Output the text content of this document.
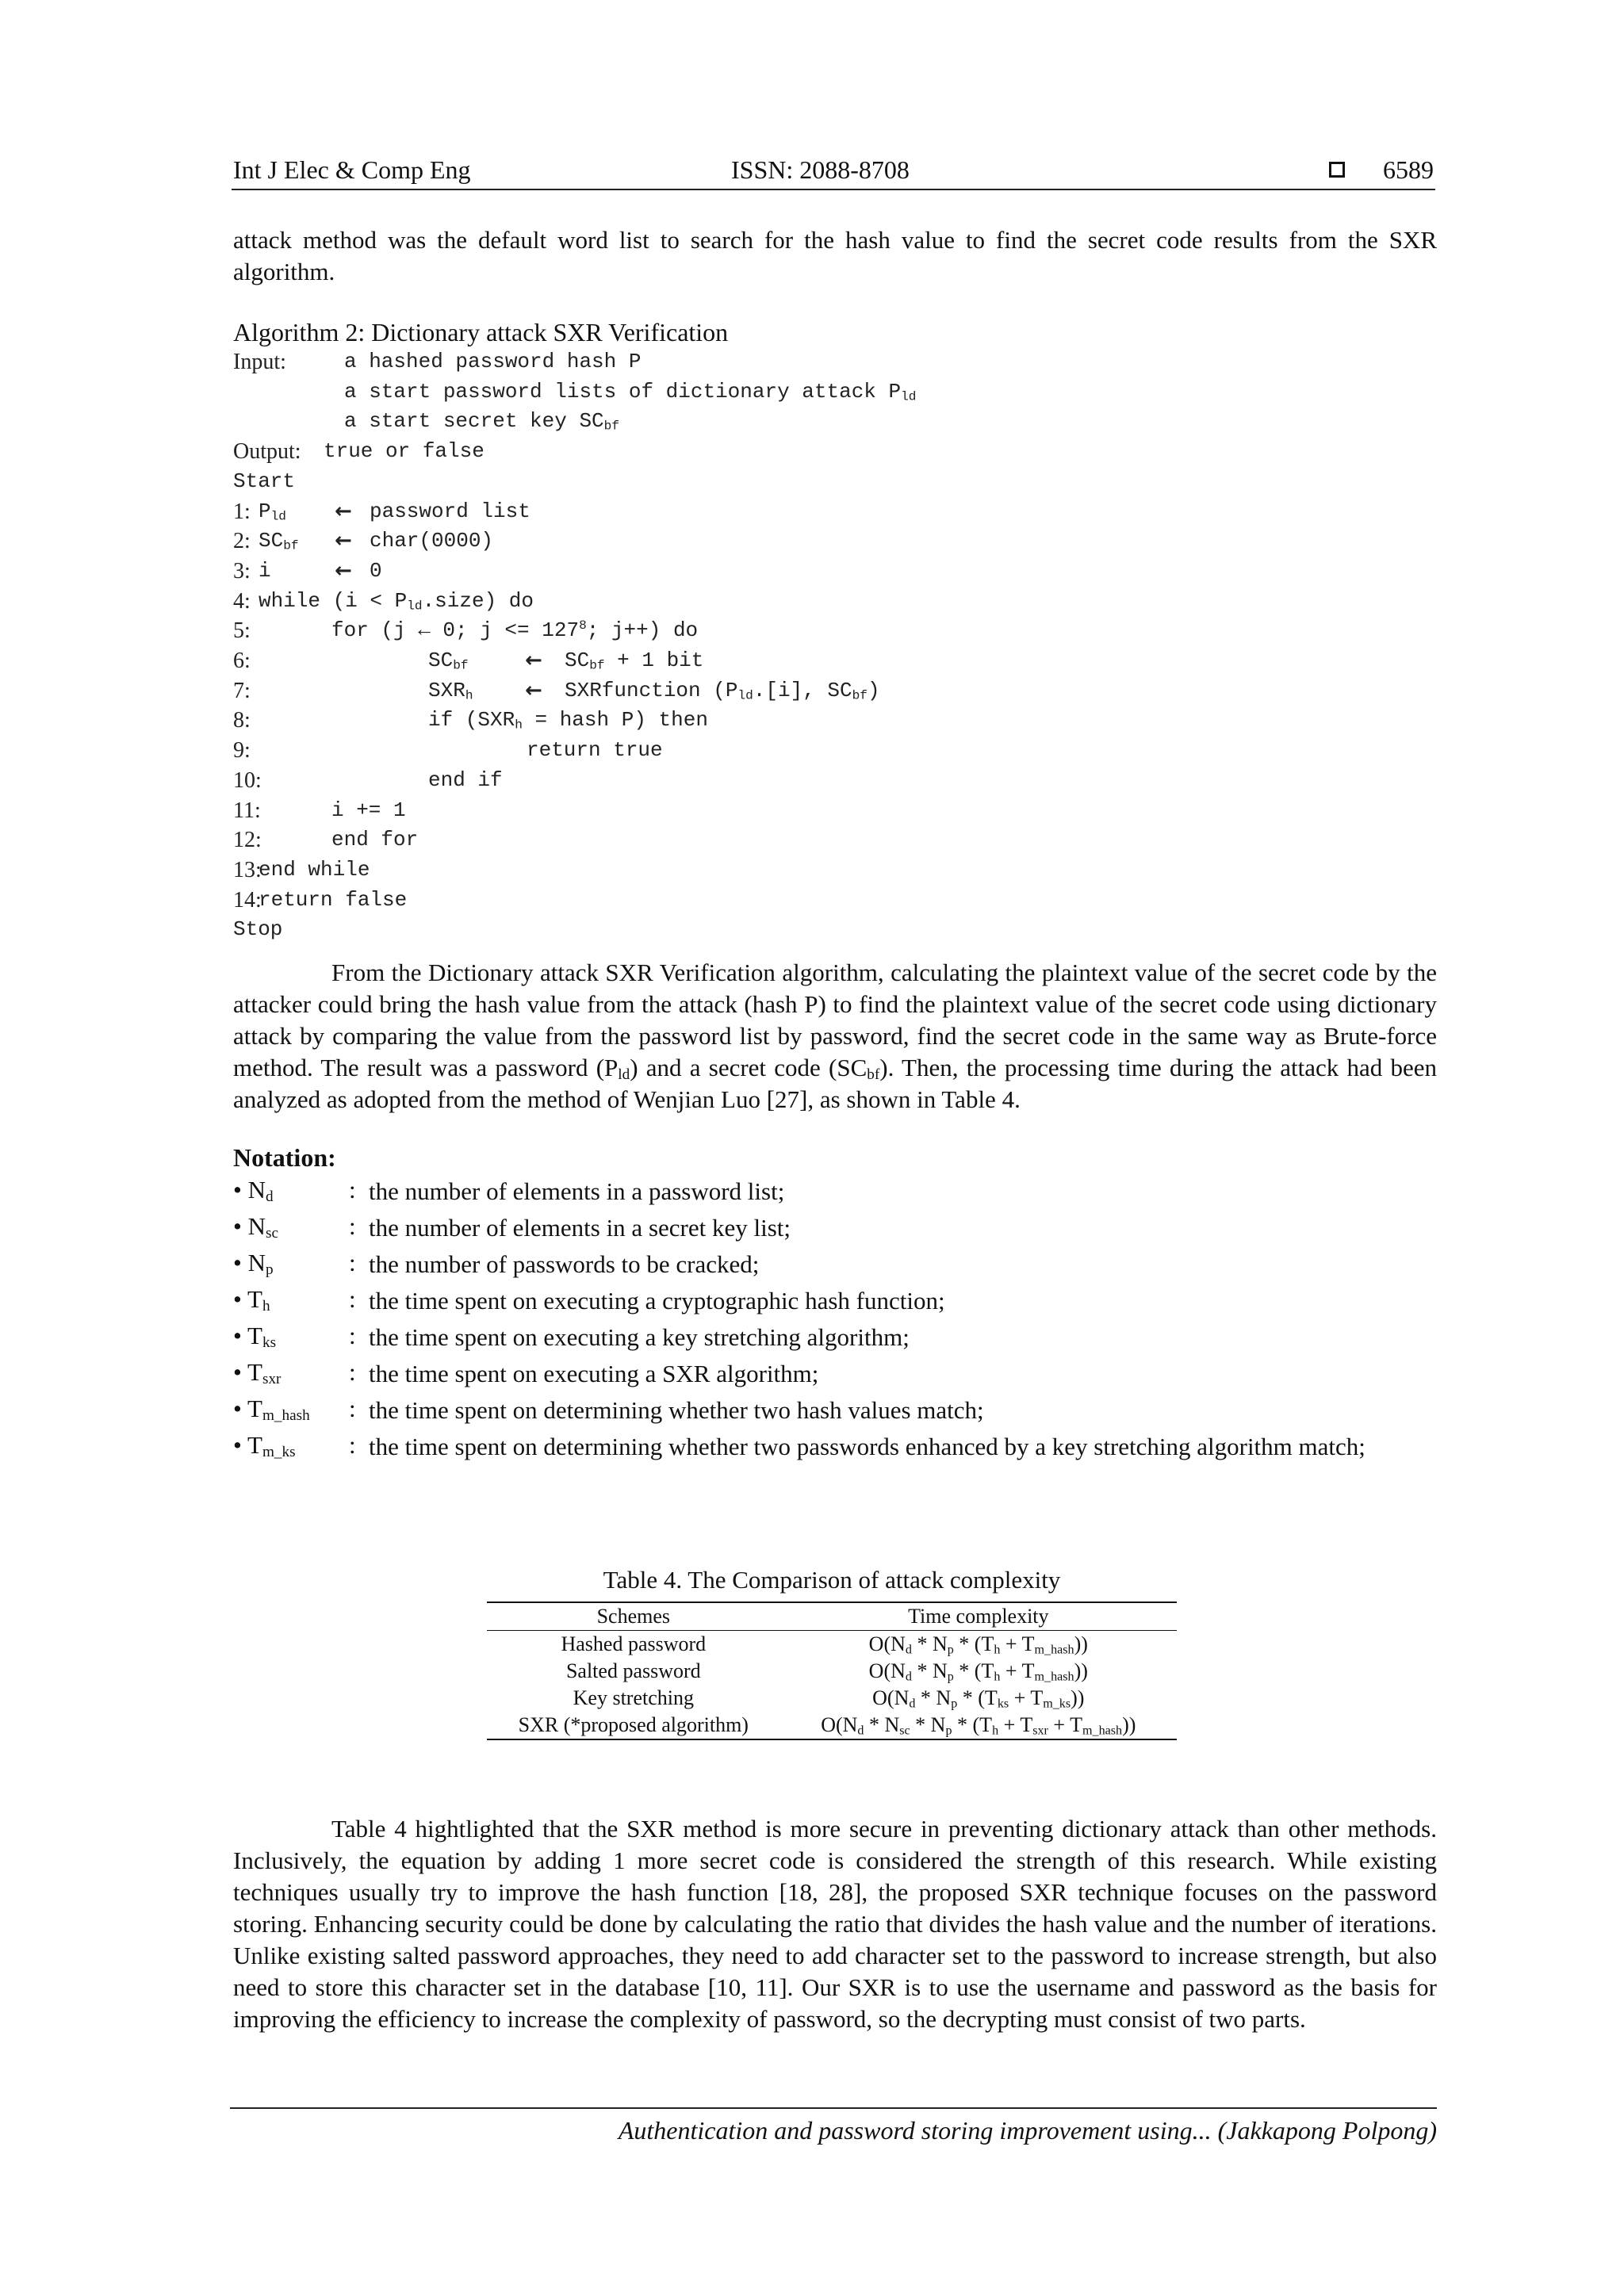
Int J Elec & Comp Eng	ISSN: 2088-8708	6589
attack method was the default word list to search for the hash value to find the secret code results from the SXR algorithm.
Algorithm 2: Dictionary attack SXR Verification
Input:	a hashed password hash P
a start password lists of dictionary attack $P_{ld}$
a start secret key $SC_{bf}$
Output: true or false
Start
1: $P_{ld}$ ← password list
2: $SC_{bf}$ ← char(0000)
3: i	← 0
4: while $(i < P_{ld}.size)$ do
5:	for (j ← 0; $j <= 127^8$; j++) do
6:	$SC_{bf}$	← $SC_{bf} + 1$ bit
7:	$SXR_h$	← SXRfunction ($P_{ld}.[i]$, $SC_{bf}$)
8:	if ($SXR_h$ = hash P) then
9:	return true
10:	end if
11:	i += 1
12:	end for
13:
end while
14:
return false
Stop
From the Dictionary attack SXR Verification algorithm, calculating the plaintext value of the secret code by the attacker could bring the hash value from the attack (hash P) to find the plaintext value of the secret code using dictionary attack by comparing the value from the password list by password, find the secret code in the same way as Brute-force method. The result was a password $(P_{ld})$ and a secret code $(SC_{bf})$. Then, the processing time during the attack had been analyzed as adopted from the method of Wenjian Luo [27], as shown in Table 4.
Notation:
• $N_d$	: the number of elements in a password list;
• $N_{sc}$	: the number of elements in a secret key list;
• $N_p$	: the number of passwords to be cracked;
• $T_h$	: the time spent on executing a cryptographic hash function;
• $T_{ks}$	: the time spent on executing a key stretching algorithm;
• $T_{sxr}$	: the time spent on executing a SXR algorithm;
• $T_{m\_hash}$ : the time spent on determining whether two hash values match;
• $T_{m\_ks}$ : the time spent on determining whether two passwords enhanced by a key stretching algorithm match;
Table 4. The Comparison of attack complexity
Schemes	Time complexity
Hashed password	$O(N_d * N_p * (T_h + T_{m\_hash}))$
Salted password	$O(N_d * N_p * (T_h + T_{m\_hash}))$
Key stretching	$O(N_d * N_p * (T_{ks} + T_{m\_ks}))$
SXR (*proposed algorithm)	$O(N_d * N_{sc} * N_p * (T_h + T_{sxr} + T_{m\_hash}))$
Table 4 hightlighted that the SXR method is more secure in preventing dictionary attack than other methods. Inclusively, the equation by adding 1 more secret code is considered the strength of this research. While existing techniques usually try to improve the hash function [18, 28], the proposed SXR technique focuses on the password storing. Enhancing security could be done by calculating the ratio that divides the hash value and the number of iterations. Unlike existing salted password approaches, they need to add character set to the password to increase strength, but also need to store this character set in the database [10, 11]. Our SXR is to use the username and password as the basis for improving the efficiency to increase the complexity of password, so the decrypting must consist of two parts.
Authentication and password storing improvement using... (Jakkapong Polpong)
